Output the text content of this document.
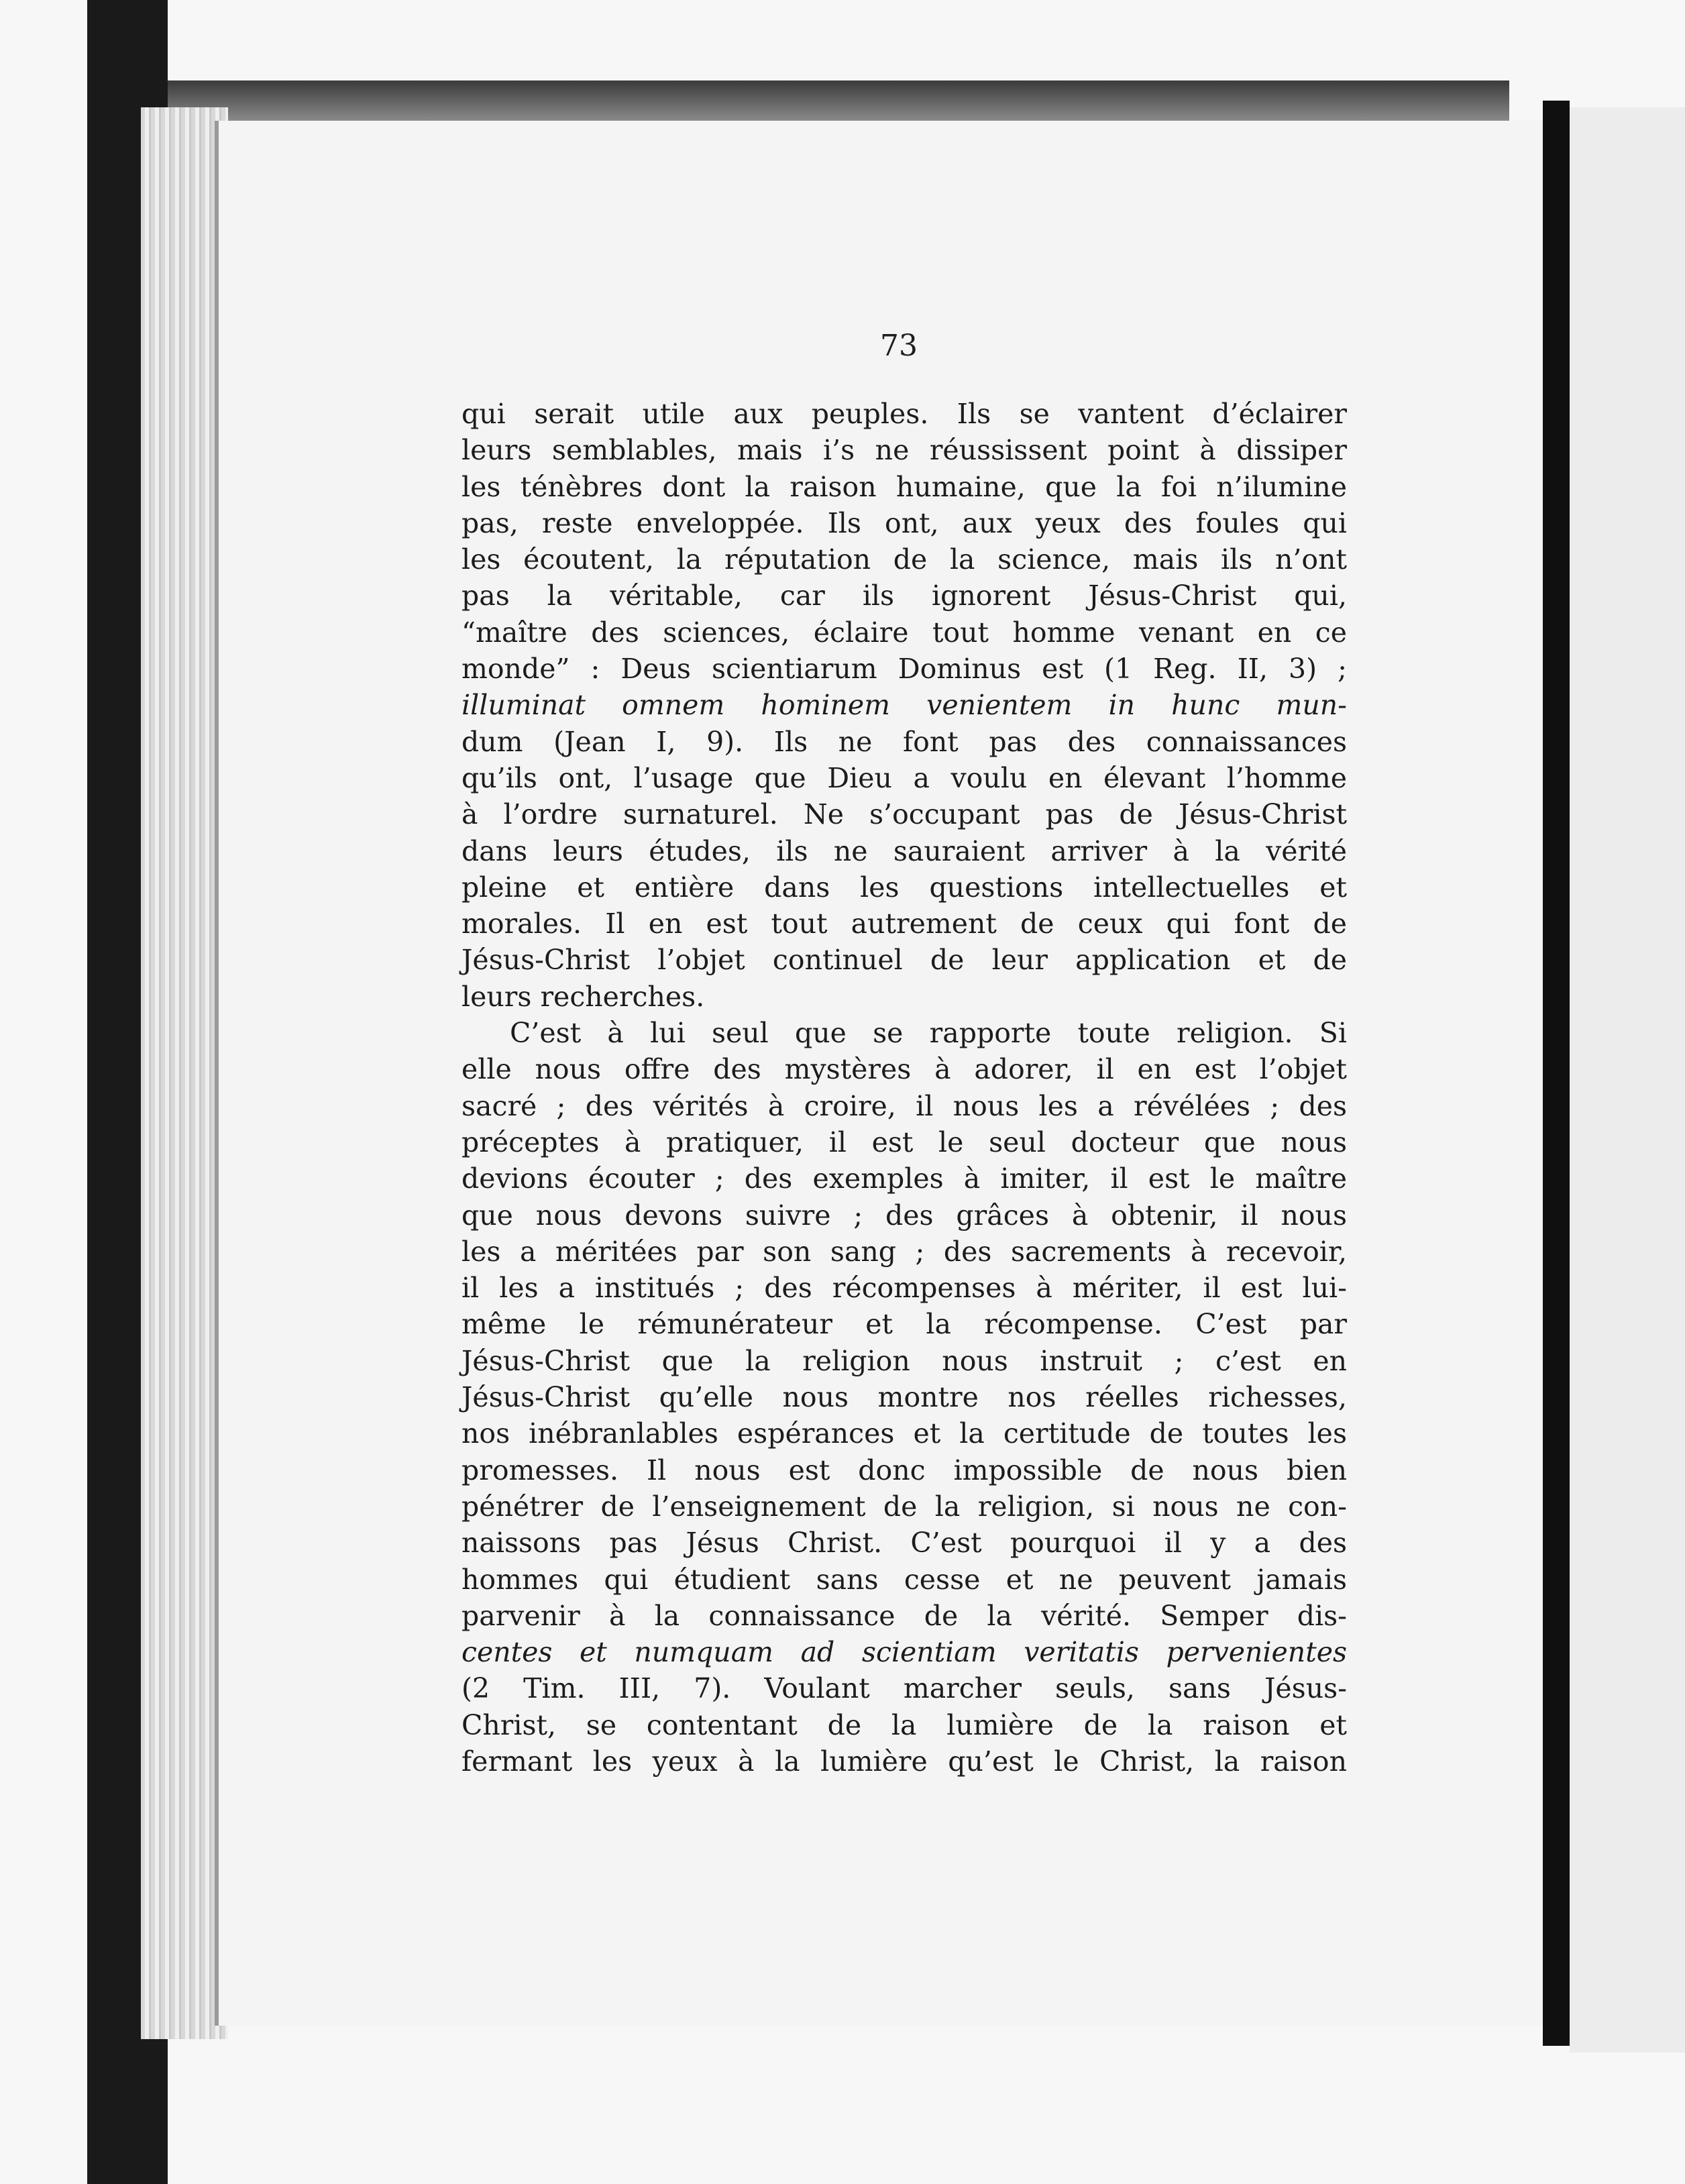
73
qui serait utile aux peuples. Ils se vantent d’éclairer
leurs semblables, mais i’s ne réussissent point à dissiper
les ténèbres dont la raison humaine, que la foi n’ilumine
pas, reste enveloppée. Ils ont, aux yeux des foules qui
les écoutent, la réputation de la science, mais ils n’ont
pas la véritable, car ils ignorent Jésus-Christ qui,
“maître des sciences, éclaire tout homme venant en ce
monde” : Deus scientiarum Dominus est (1 Reg. II, 3) ;
illuminat omnem hominem venientem in hunc mun-
dum (Jean I, 9). Ils ne font pas des connaissances
qu’ils ont, l’usage que Dieu a voulu en élevant l’homme
à l’ordre surnaturel. Ne s’occupant pas de Jésus-Christ
dans leurs études, ils ne sauraient arriver à la vérité
pleine et entière dans les questions intellectuelles et
morales. Il en est tout autrement de ceux qui font de
Jésus-Christ l’objet continuel de leur application et de
leurs recherches.
C’est à lui seul que se rapporte toute religion. Si
elle nous offre des mystères à adorer, il en est l’objet
sacré ; des vérités à croire, il nous les a révélées ; des
préceptes à pratiquer, il est le seul docteur que nous
devions écouter ; des exemples à imiter, il est le maître
que nous devons suivre ; des grâces à obtenir, il nous
les a méritées par son sang ; des sacrements à recevoir,
il les a institués ; des récompenses à mériter, il est lui-
même le rémunérateur et la récompense. C’est par
Jésus-Christ que la religion nous instruit ; c’est en
Jésus-Christ qu’elle nous montre nos réelles richesses,
nos inébranlables espérances et la certitude de toutes les
promesses. Il nous est donc impossible de nous bien
pénétrer de l’enseignement de la religion, si nous ne con-
naissons pas Jésus Christ. C’est pourquoi il y a des
hommes qui étudient sans cesse et ne peuvent jamais
parvenir à la connaissance de la vérité. Semper dis-
centes et numquam ad scientiam veritatis pervenientes
(2 Tim. III, 7). Voulant marcher seuls, sans Jésus-
Christ, se contentant de la lumière de la raison et
fermant les yeux à la lumière qu’est le Christ, la raison
